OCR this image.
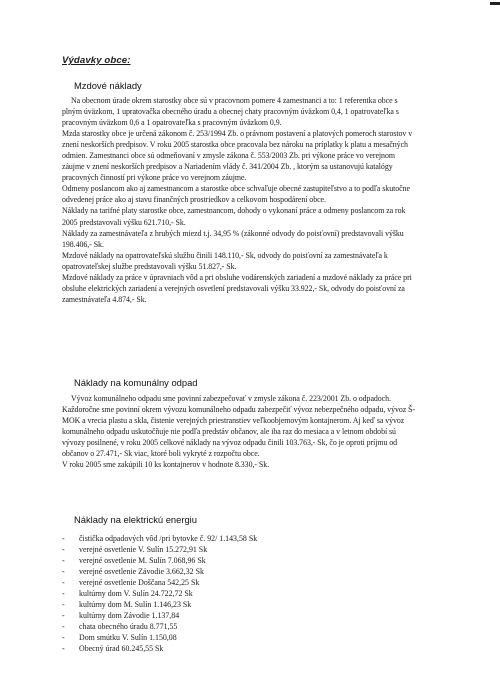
Výdavky obce:
Mzdové náklady

Na obecnom úrade okrem starostky obce sú v pracovnom pomere 4 zamestnanci a to: 1 referentka obce s plným úväzkom, 1 upratovačka obecného úradu a obecnej chaty pracovným úväzkom 0,4, 1 opatrovateľka s pracovným úväzkom 0,6 a 1 opatrovateľka s pracovným úväzkom 0,9.

Mzda starostky obce je určená zákonom č. 253/1994 Zb. o právnom postavení a platových pomeroch starostov v znení neskorších predpisov. V roku 2005 starostka obce pracovala bez nároku na príplatky k platu a mesačných odmien. Zamestnanci obce sú odmeňovaní v zmysle zákona č. 553/2003 Zb. pri výkone práce vo verejnom záujme v znení neskorších predpisov a Nariadením vlády č. 341/2004 Zb. , ktorým sa ustanovujú katalógy pracovných činností pri výkone práce vo verejnom záujme.

Odmeny poslancom ako aj zamestnancom a starostke obce schvaľuje obecné zastupiteľstvo a to podľa skutočne odvedenej práce ako aj stavu finančných prostriedkov a celkovom hospodárení obce.

Náklady na tarifné platy starostke obce, zamestnancom, dohody o vykonaní práce a odmeny poslancom za rok 2005 predstavovali výšku 621.710,- Sk.

Náklady za zamestnávateľa z hrubých miezd t.j. 34,95 % (zákonné odvody do poisťovní) predstavovali výšku 198.406,- Sk.

Mzdové náklady na opatrovateľskú službu činili 148.110,- Sk, odvody do poisťovní za zamestnávateľa k opatrovateľskej službe predstavovali výšku 51.827,- Sk.

Mzdové náklady za práce v úpravniach vôd a pri obsluhe vodárenských zariadení a mzdové náklady za práce pri obsluhe elektrických zariadení a verejných osvetlení predstavovali výšku 33.922,- Sk, odvody do poisťovní za zamestnávateľa 4.874,- Sk.

Náklady na komunálny odpad

Vývoz komunálneho odpadu sme povinní zabezpečovať v zmysle zákona č. 223/2001 Zb. o odpadoch. Každoročne sme povinní okrem vývozu komunálneho odpadu zabezpečiť vývoz nebezpečného odpadu, vývoz Š-MOK a vrecia plastu a skla, čistenie verejných priestranstiev veľkoobjemovým kontajnerom. Aj keď sa vývoz komunálneho odpadu uskutočňuje nie podľa predstáv občanov, ale iba raz do mesiaca a v letnom období sú vývozy posilnené, v roku 2005 celkové náklady na vývoz odpadu činili 103.763,- Sk, čo je oproti príjmu od občanov o 27.471,- Sk viac, ktoré boli vykryté z rozpočtu obce.

V roku 2005 sme zakúpili 10 ks kontajnerov v hodnote 8.330,- Sk.

Náklady na elektrickú energiu
-	čistička odpadových vôd /pri bytovke č. 92/ 1.143,58 Sk
-	verejné osvetlenie V. Sulín 15.272,91 Sk
-	verejné osvetlenie M. Sulín 7.068,96 Sk
-	verejné osvetlenie Závodie 3.662,32 Sk
-	verejné osvetlenie Doščana 542,25 Sk
-	kultúrny dom V. Sulín 24.722,72 Sk
-	kultúrny dom M. Sulín 1.146,23 Sk
-	kultúrny dom Závodie 1.137,84
-	chata obecného úradu 8.771,55
-	Dom smútku V. Sulín 1.150,08
-	Obecný úrad 60.245,55 Sk
